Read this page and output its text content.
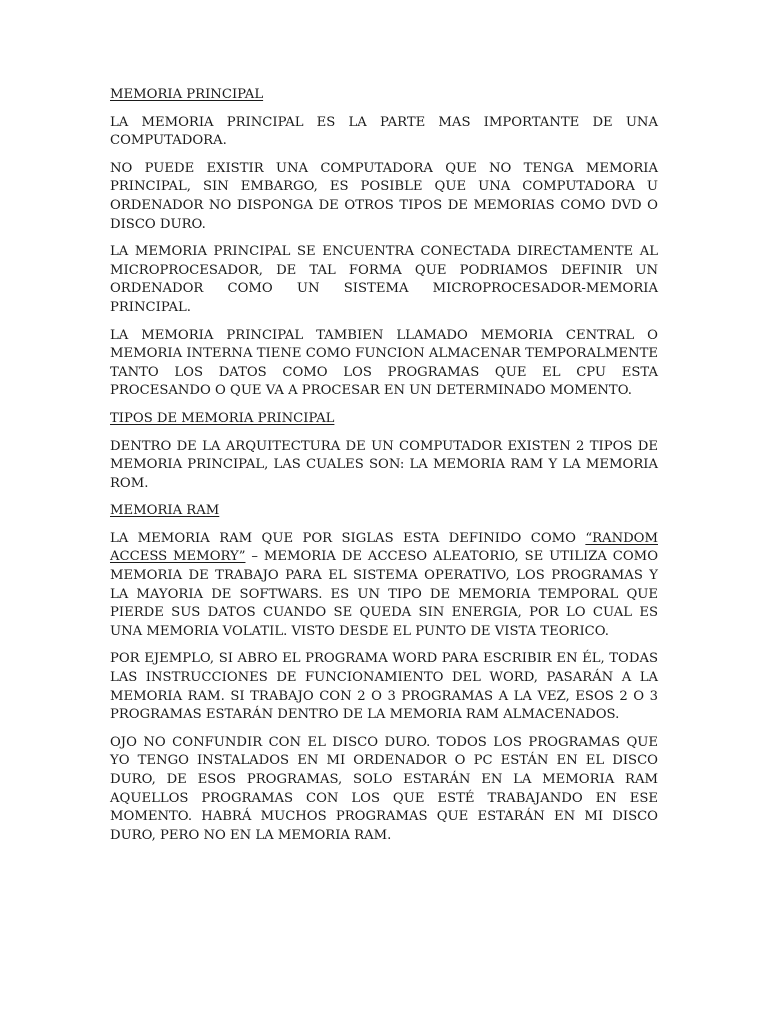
MEMORIA PRINCIPAL

LA MEMORIA PRINCIPAL ES LA PARTE MAS IMPORTANTE DE UNA COMPUTADORA.

NO PUEDE EXISTIR UNA COMPUTADORA QUE NO TENGA MEMORIA PRINCIPAL, SIN EMBARGO, ES POSIBLE QUE UNA COMPUTADORA U ORDENADOR NO DISPONGA DE OTROS TIPOS DE MEMORIAS COMO DVD O DISCO DURO.

LA MEMORIA PRINCIPAL SE ENCUENTRA CONECTADA DIRECTAMENTE AL MICROPROCESADOR, DE TAL FORMA QUE PODRIAMOS DEFINIR UN ORDENADOR COMO UN SISTEMA MICROPROCESADOR-MEMORIA PRINCIPAL.

LA MEMORIA PRINCIPAL TAMBIEN LLAMADO MEMORIA CENTRAL O MEMORIA INTERNA TIENE COMO FUNCION ALMACENAR TEMPORALMENTE TANTO LOS DATOS COMO LOS PROGRAMAS QUE EL CPU ESTA PROCESANDO O QUE VA A PROCESAR EN UN DETERMINADO MOMENTO.

TIPOS DE MEMORIA PRINCIPAL

DENTRO DE LA ARQUITECTURA DE UN COMPUTADOR EXISTEN 2 TIPOS DE MEMORIA PRINCIPAL, LAS CUALES SON: LA MEMORIA RAM Y LA MEMORIA ROM.

MEMORIA RAM

LA MEMORIA RAM QUE POR SIGLAS ESTA DEFINIDO COMO “RANDOM ACCESS MEMORY” – MEMORIA DE ACCESO ALEATORIO, SE UTILIZA COMO MEMORIA DE TRABAJO PARA EL SISTEMA OPERATIVO, LOS PROGRAMAS Y LA MAYORIA DE SOFTWARS. ES UN TIPO DE MEMORIA TEMPORAL QUE PIERDE SUS DATOS CUANDO SE QUEDA SIN ENERGIA, POR LO CUAL ES UNA MEMORIA VOLATIL. VISTO DESDE EL PUNTO DE VISTA TEORICO.

POR EJEMPLO, SI ABRO EL PROGRAMA WORD PARA ESCRIBIR EN ÉL, TODAS LAS INSTRUCCIONES DE FUNCIONAMIENTO DEL WORD, PASARÁN A LA MEMORIA RAM. SI TRABAJO CON 2 O 3 PROGRAMAS A LA VEZ, ESOS 2 O 3 PROGRAMAS ESTARÁN DENTRO DE LA MEMORIA RAM ALMACENADOS.

OJO NO CONFUNDIR CON EL DISCO DURO. TODOS LOS PROGRAMAS QUE YO TENGO INSTALADOS EN MI ORDENADOR O PC ESTÁN EN EL DISCO DURO, DE ESOS PROGRAMAS, SOLO ESTARÁN EN LA MEMORIA RAM AQUELLOS PROGRAMAS CON LOS QUE ESTÉ TRABAJANDO EN ESE MOMENTO. HABRÁ MUCHOS PROGRAMAS QUE ESTARÁN EN MI DISCO DURO, PERO NO EN LA MEMORIA RAM.
